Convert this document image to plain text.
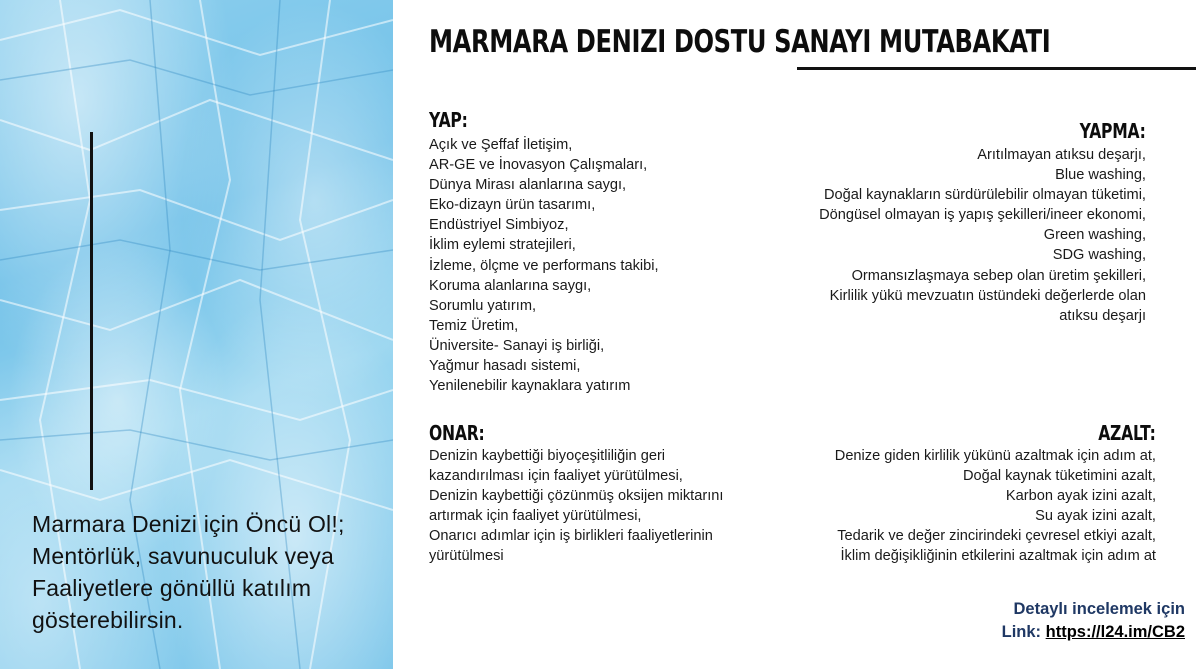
Marmara Denizi için Öncü Ol!;
Mentörlük, savunuculuk veya
Faaliyetlere gönüllü katılım
gösterebilirsin.
MARMARA DENIZI DOSTU SANAYI MUTABAKATI
YAP:
Açık ve Şeffaf İletişim,
AR-GE ve İnovasyon Çalışmaları,
Dünya Mirası alanlarına saygı,
Eko-dizayn ürün tasarımı,
Endüstriyel Simbiyoz,
İklim eylemi stratejileri,
İzleme, ölçme ve performans takibi,
Koruma alanlarına saygı,
Sorumlu yatırım,
Temiz Üretim,
Üniversite- Sanayi iş birliği,
Yağmur hasadı sistemi,
Yenilenebilir kaynaklara yatırım
YAPMA:
Arıtılmayan atıksu deşarjı,
Blue washing,
Doğal kaynakların sürdürülebilir olmayan tüketimi,
Döngüsel olmayan iş yapış şekilleri/ineer ekonomi,
Green washing,
SDG washing,
Ormansızlaşmaya sebep olan üretim şekilleri,
Kirlilik yükü mevzuatın üstündeki değerlerde olan
atıksu deşarjı
ONAR:
Denizin kaybettiği biyoçeşitliliğin geri
kazandırılması için faaliyet yürütülmesi,
Denizin kaybettiği çözünmüş oksijen miktarını
artırmak için faaliyet yürütülmesi,
Onarıcı adımlar için iş birlikleri faaliyetlerinin
yürütülmesi
AZALT:
Denize giden kirlilik yükünü azaltmak için adım at,
Doğal kaynak tüketimini azalt,
Karbon ayak izini azalt,
Su ayak izini azalt,
Tedarik ve değer zincirindeki çevresel etkiyi azalt,
İklim değişikliğinin etkilerini azaltmak için adım at
Detaylı incelemek için
Link: https://l24.im/CB2
